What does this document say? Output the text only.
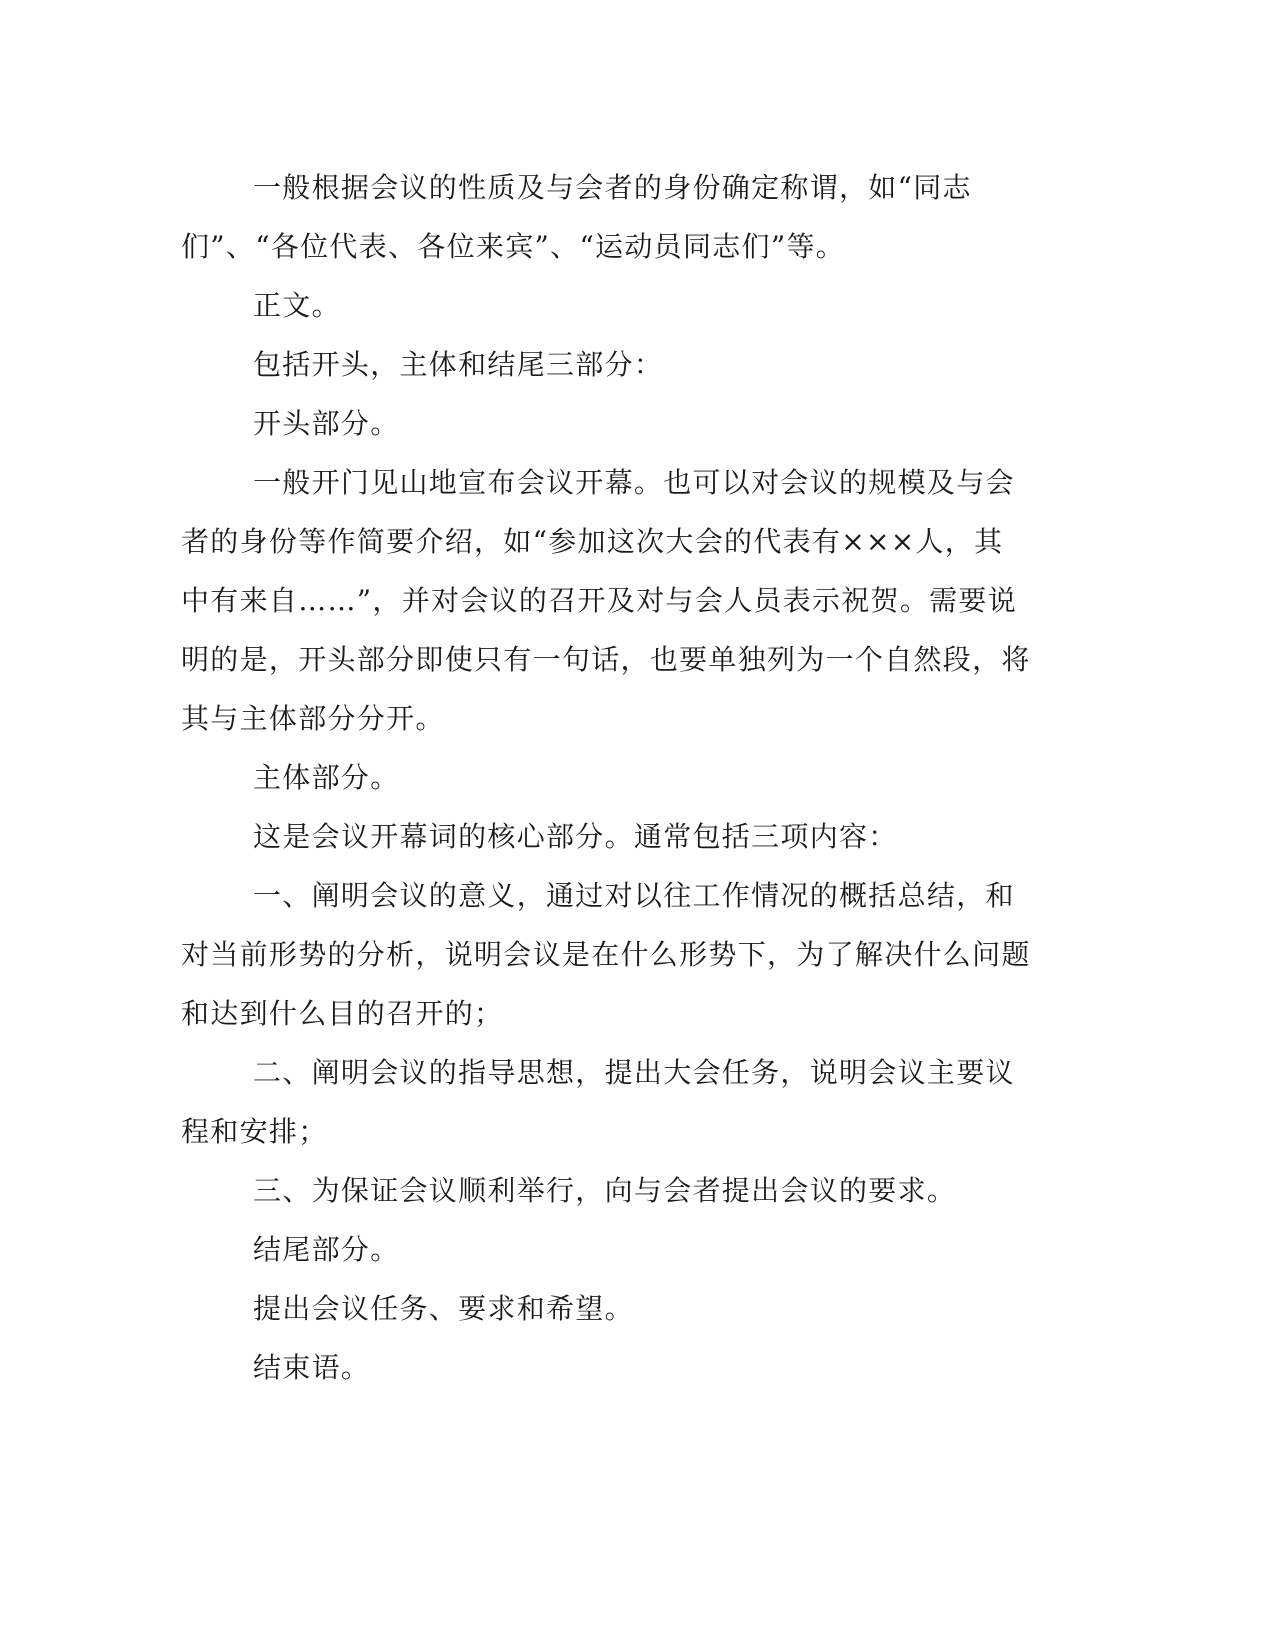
一般根据会议的性质及与会者的身份确定称谓，如“同志们”、“各位代表、各位来宾”、“运动员同志们”等。

正文。

包括开头，主体和结尾三部分：

开头部分。

一般开门见山地宣布会议开幕。也可以对会议的规模及与会者的身份等作简要介绍，如“参加这次大会的代表有×××人，其中有来自……”，并对会议的召开及对与会人员表示祝贺。需要说明的是，开头部分即使只有一句话，也要单独列为一个自然段，将其与主体部分分开。

主体部分。

这是会议开幕词的核心部分。通常包括三项内容：

一、阐明会议的意义，通过对以往工作情况的概括总结，和对当前形势的分析，说明会议是在什么形势下，为了解决什么问题和达到什么目的召开的；

二、阐明会议的指导思想，提出大会任务，说明会议主要议程和安排；

三、为保证会议顺利举行，向与会者提出会议的要求。

结尾部分。

提出会议任务、要求和希望。

结束语。
